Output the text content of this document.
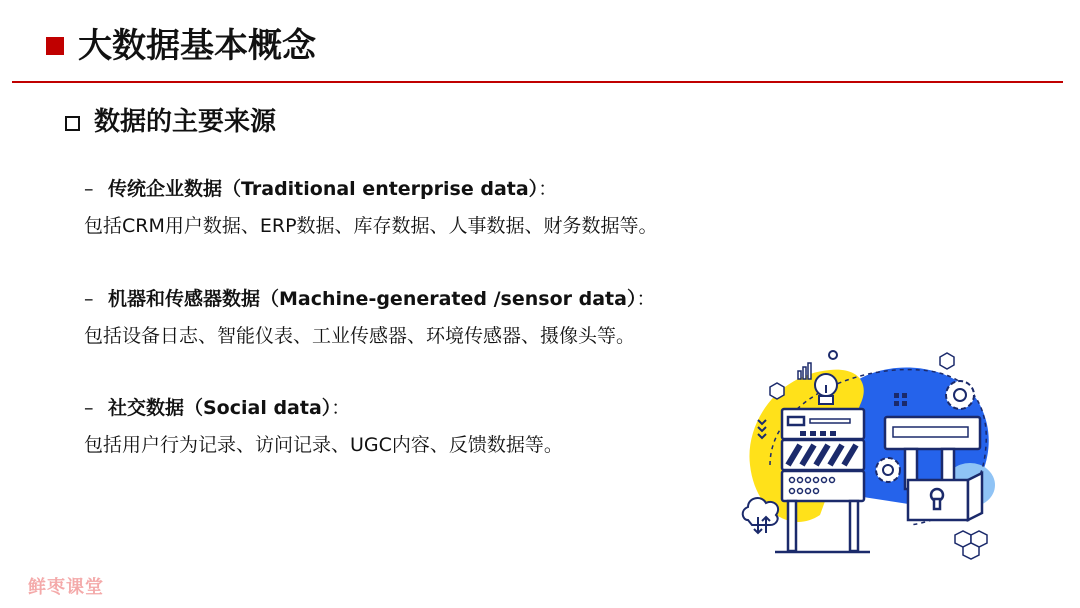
大数据基本概念
数据的主要来源

– 传统企业数据（Traditional enterprise data）：

包括CRM用户数据、ERP数据、库存数据、人事数据、财务数据等。

– 机器和传感器数据（Machine-generated /sensor data）：

包括设备日志、智能仪表、工业传感器、环境传感器、摄像头等。

– 社交数据（Social data）：

包括用户行为记录、访问记录、UGC内容、反馈数据等。

鲜枣课堂
